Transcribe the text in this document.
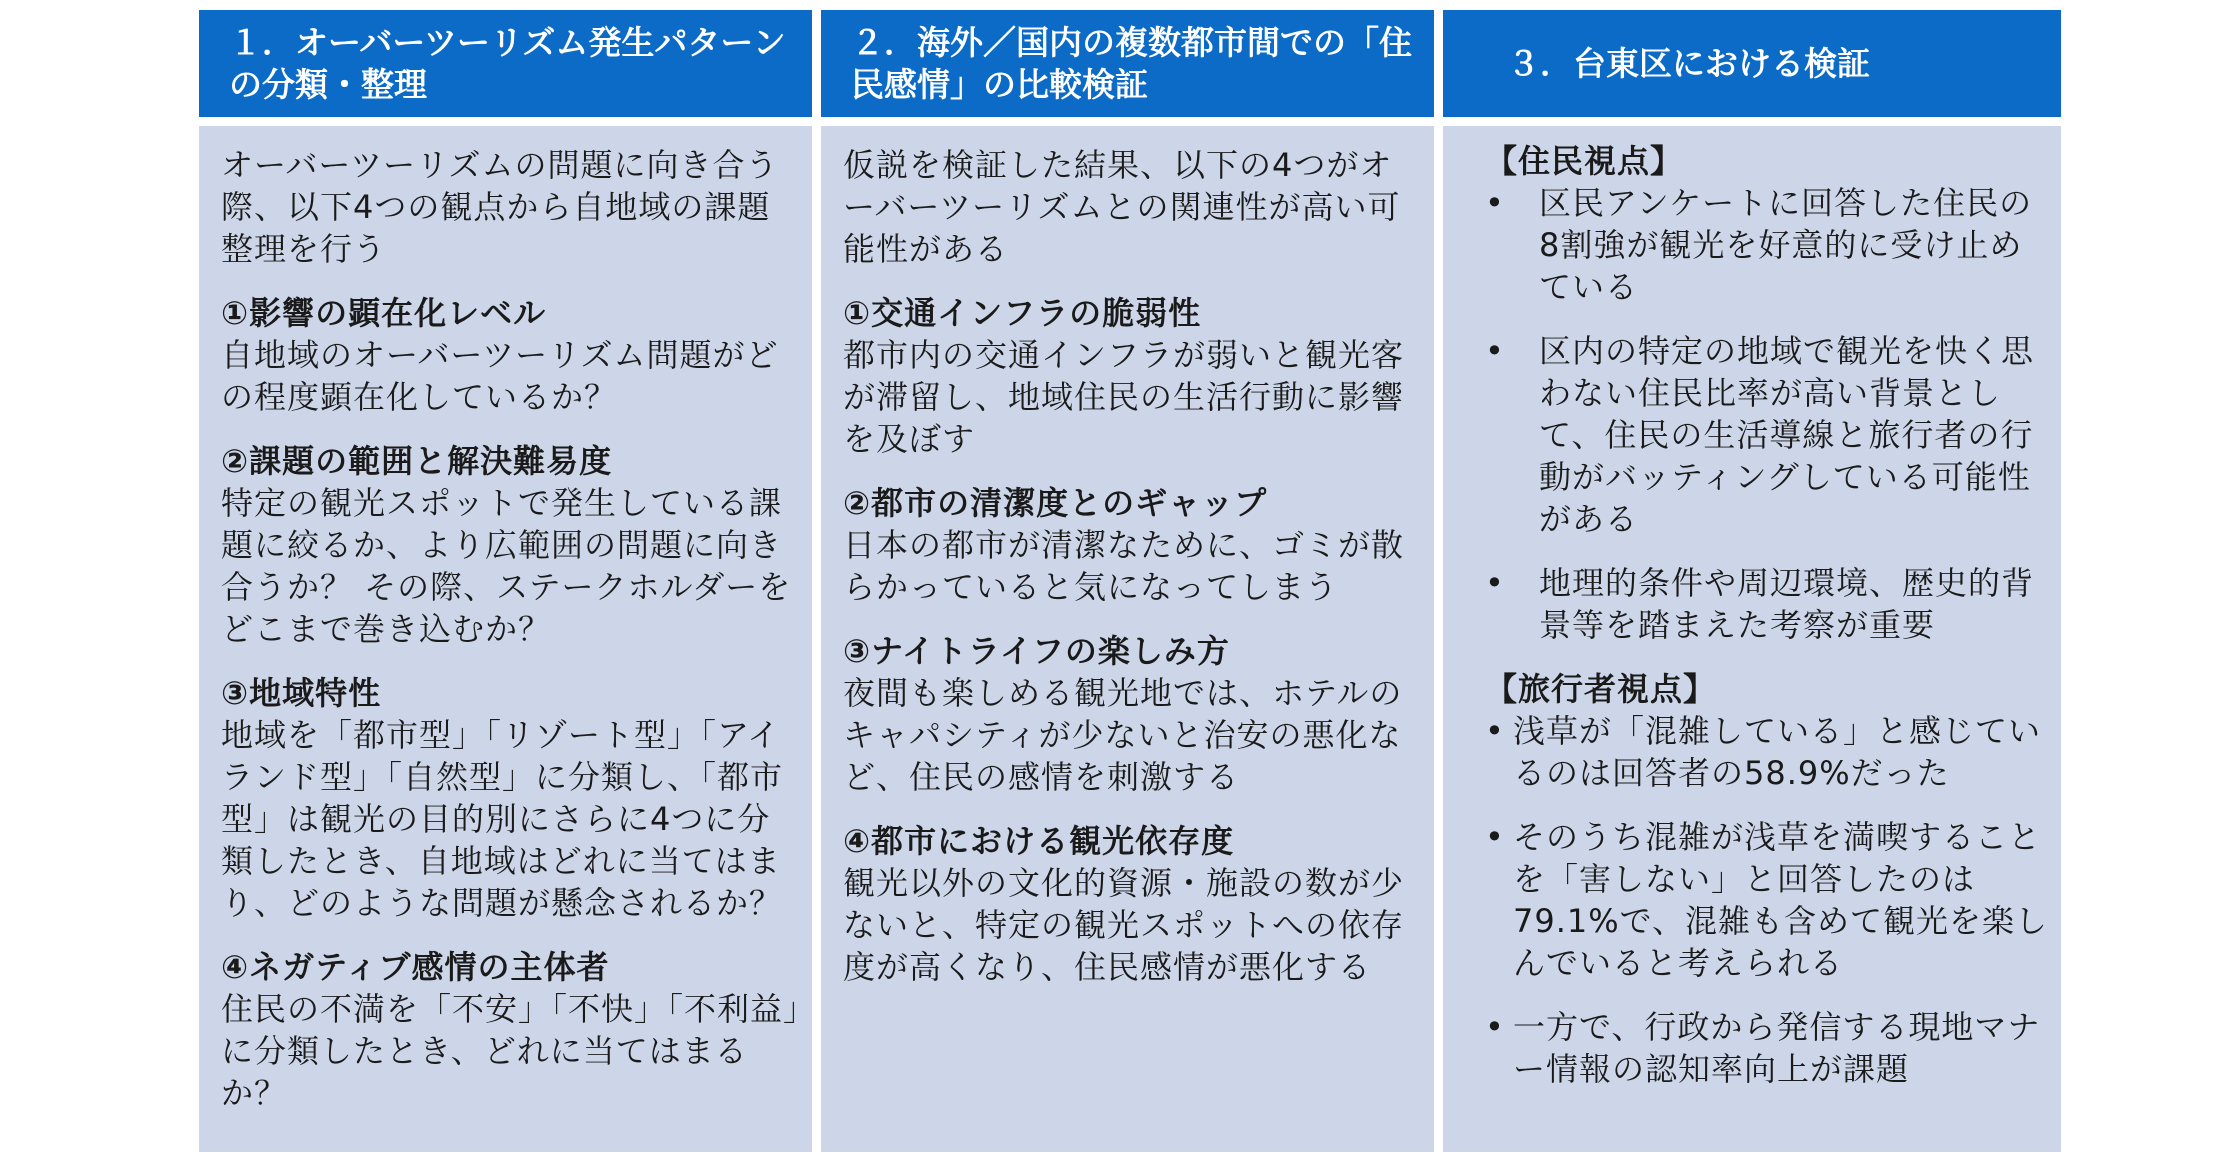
１．オーバーツーリズム発生パターンの分類・整理
２．海外／国内の複数都市間での「住民感情」の比較検証
３．台東区における検証

オーバーツーリズムの問題に向き合う際、以下4つの観点から自地域の課題整理を行う

①影響の顕在化レベル

自地域のオーバーツーリズム問題がどの程度顕在化しているか？

②課題の範囲と解決難易度

特定の観光スポットで発生している課題に絞るか、より広範囲の問題に向き合うか？ その際、ステークホルダーをどこまで巻き込むか？

③地域特性

地域を「都市型」「リゾート型」「アイランド型」「自然型」に分類し、「都市型」は観光の目的別にさらに4つに分類したとき、自地域はどれに当てはまり、どのような問題が懸念されるか？

④ネガティブ感情の主体者

住民の不満を「不安」「不快」「不利益」に分類したとき、どれに当てはまるか？

仮説を検証した結果、以下の4つがオーバーツーリズムとの関連性が高い可能性がある

①交通インフラの脆弱性

都市内の交通インフラが弱いと観光客が滞留し、地域住民の生活行動に影響を及ぼす

②都市の清潔度とのギャップ

日本の都市が清潔なために、ゴミが散らかっていると気になってしまう

③ナイトライフの楽しみ方

夜間も楽しめる観光地では、ホテルのキャパシティが少ないと治安の悪化など、住民の感情を刺激する

④都市における観光依存度

観光以外の文化的資源・施設の数が少ないと、特定の観光スポットへの依存度が高くなり、住民感情が悪化する

【住民視点】

• 区民アンケートに回答した住民の8割強が観光を好意的に受け止めている
• 区内の特定の地域で観光を快く思わない住民比率が高い背景として、住民の生活導線と旅行者の行動がバッティングしている可能性がある
• 地理的条件や周辺環境、歴史的背景等を踏まえた考察が重要

【旅行者視点】

• 浅草が「混雑している」と感じているのは回答者の58.9%だった
• そのうち混雑が浅草を満喫することを「害しない」と回答したのは79.1%で、混雑も含めて観光を楽しんでいると考えられる
• 一方で、行政から発信する現地マナー情報の認知率向上が課題
